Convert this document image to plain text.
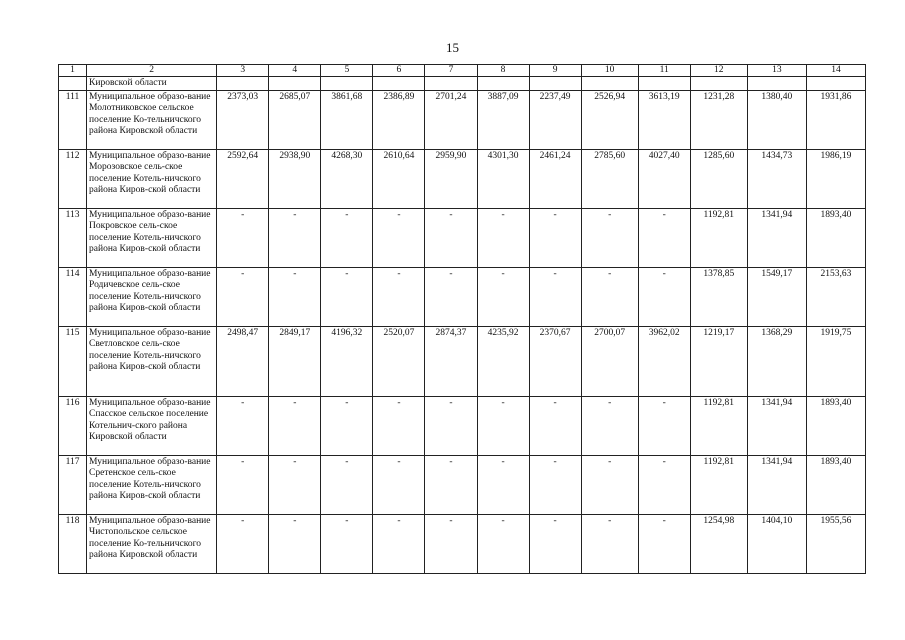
15
1	2	3	4	5	6	7	8	9	10	11	12	13	14
	Кировской области												
111	Муниципальное образо-вание Молотниковское сельское поселение Ко-тельничского района Кировской области	2373,03	2685,07	3861,68	2386,89	2701,24	3887,09	2237,49	2526,94	3613,19	1231,28	1380,40	1931,86
112	Муниципальное образо-вание Морозовское сель-ское поселение Котель-ничского района Киров-ской области	2592,64	2938,90	4268,30	2610,64	2959,90	4301,30	2461,24	2785,60	4027,40	1285,60	1434,73	1986,19
113	Муниципальное образо-вание Покровское сель-ское поселение Котель-ничского района Киров-ской области	-	-	-	-	-	-	-	-	-	1192,81	1341,94	1893,40
114	Муниципальное образо-вание Родичевское сель-ское поселение Котель-ничского района Киров-ской области	-	-	-	-	-	-	-	-	-	1378,85	1549,17	2153,63
115	Муниципальное образо-вание Светловское сель-ское поселение Котель-ничского района Киров-ской области	2498,47	2849,17	4196,32	2520,07	2874,37	4235,92	2370,67	2700,07	3962,02	1219,17	1368,29	1919,75
116	Муниципальное образо-вание Спасское сельское поселение Котельнич-ского района Кировской области	-	-	-	-	-	-	-	-	-	1192,81	1341,94	1893,40
117	Муниципальное образо-вание Сретенское сель-ское поселение Котель-ничского района Киров-ской области	-	-	-	-	-	-	-	-	-	1192,81	1341,94	1893,40
118	Муниципальное образо-вание Чистопольское сельское поселение Ко-тельничского района Кировской области	-	-	-	-	-	-	-	-	-	1254,98	1404,10	1955,56
